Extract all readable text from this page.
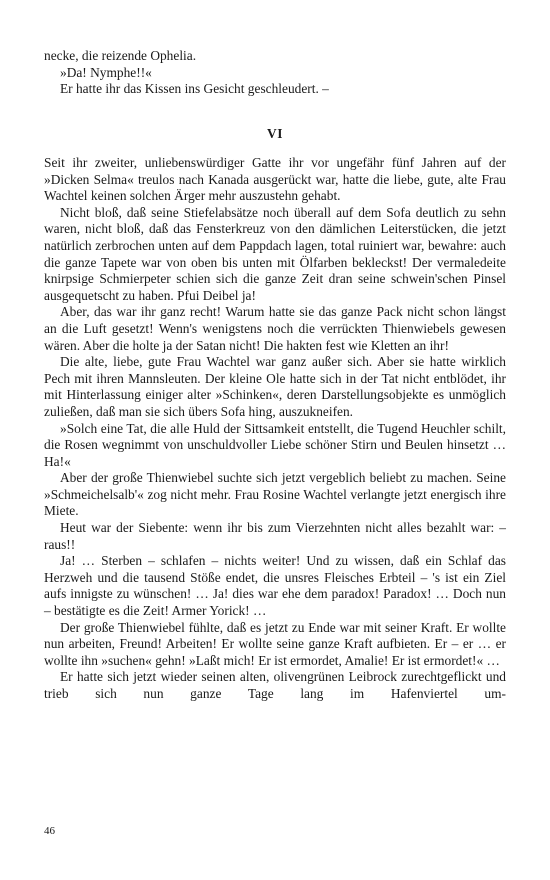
necke, die reizende Ophelia.

»Da! Nymphe!!«

Er hatte ihr das Kissen ins Gesicht geschleudert. –

VI

Seit ihr zweiter, unliebenswürdiger Gatte ihr vor ungefähr fünf Jahren auf der »Dicken Selma« treulos nach Kanada ausgerückt war, hatte die liebe, gute, alte Frau Wachtel keinen solchen Ärger mehr auszustehn gehabt.

Nicht bloß, daß seine Stiefelabsätze noch überall auf dem Sofa deutlich zu sehn waren, nicht bloß, daß das Fensterkreuz von den dämlichen Leiterstücken, die jetzt natürlich zerbrochen unten auf dem Pappdach lagen, total ruiniert war, bewahre: auch die ganze Tapete war von oben bis unten mit Ölfarben bekleckst! Der vermaledeite knirpsige Schmierpeter schien sich die ganze Zeit dran seine schwein'schen Pinsel ausgequetscht zu haben. Pfui Deibel ja!

Aber, das war ihr ganz recht! Warum hatte sie das ganze Pack nicht schon längst an die Luft gesetzt! Wenn's wenigstens noch die verrückten Thienwiebels gewesen wären. Aber die holte ja der Satan nicht! Die hakten fest wie Kletten an ihr!

Die alte, liebe, gute Frau Wachtel war ganz außer sich. Aber sie hatte wirklich Pech mit ihren Mannsleuten. Der kleine Ole hatte sich in der Tat nicht entblödet, ihr mit Hinterlassung einiger alter »Schinken«, deren Darstellungsobjekte es unmöglich zuließen, daß man sie sich übers Sofa hing, auszukneifen.

»Solch eine Tat, die alle Huld der Sittsamkeit entstellt, die Tugend Heuchler schilt, die Rosen wegnimmt von unschuldvoller Liebe schöner Stirn und Beulen hinsetzt … Ha!«

Aber der große Thienwiebel suchte sich jetzt vergeblich beliebt zu machen. Seine »Schmeichelsalb'« zog nicht mehr. Frau Rosine Wachtel verlangte jetzt energisch ihre Miete.

Heut war der Siebente: wenn ihr bis zum Vierzehnten nicht alles bezahlt war: – raus!!

Ja! … Sterben – schlafen – nichts weiter! Und zu wissen, daß ein Schlaf das Herzweh und die tausend Stöße endet, die unsres Fleisches Erbteil – 's ist ein Ziel aufs innigste zu wünschen! … Ja! dies war ehe dem paradox! Paradox! … Doch nun – bestätigte es die Zeit! Armer Yorick! …

Der große Thienwiebel fühlte, daß es jetzt zu Ende war mit seiner Kraft. Er wollte nun arbeiten, Freund! Arbeiten! Er wollte seine ganze Kraft aufbieten. Er – er … er wollte ihn »suchen« gehn! »Laßt mich! Er ist ermordet, Amalie! Er ist ermordet!« …

Er hatte sich jetzt wieder seinen alten, olivengrünen Leibrock zurechtgeflickt und trieb sich nun ganze Tage lang im Hafenviertel um-

46
